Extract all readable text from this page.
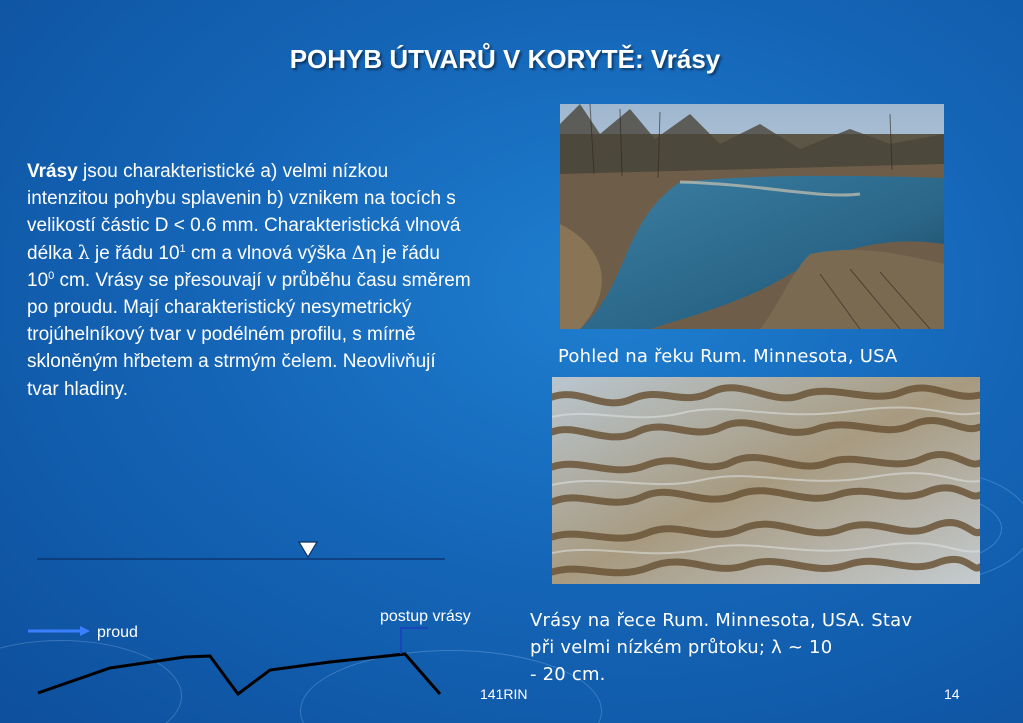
POHYB ÚTVARŮ V KORYTĚ: Vrásy
Vrásy jsou charakteristické a) velmi nízkou intenzitou pohybu splavenin b) vznikem na tocích s velikostí částic D < 0.6 mm. Charakteristická vlnová délka λ je řádu $10^1$ cm a vlnová výška Δη je řádu $10^0$ cm. Vrásy se přesouvají v průběhu času směrem po proudu. Mají charakteristický nesymetrický trojúhelníkový tvar v podélném profilu, s mírně skloněným hřbetem a strmým čelem. Neovlivňují tvar hladiny.
Pohled na řeku Rum. Minnesota, USA
Vrásy na řece Rum. Minnesota, USA. Stav
při velmi nízkém průtoku; λ ~ 10
- 20 cm.
proud
postup vrásy
141RIN	14
